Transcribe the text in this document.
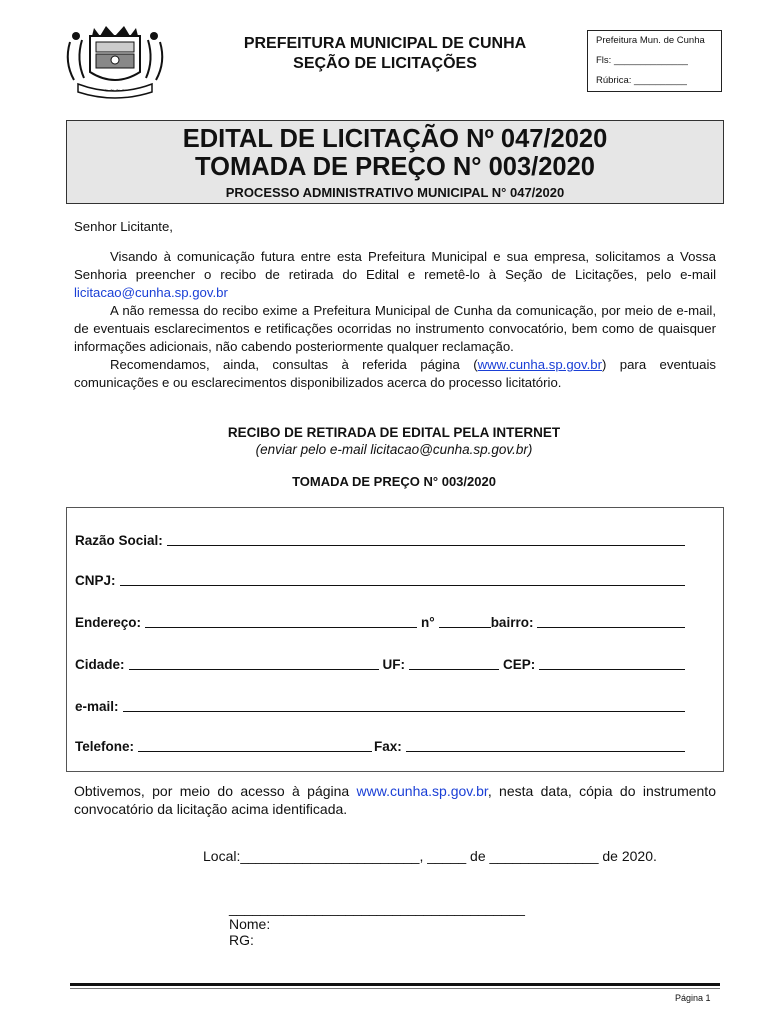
~ ~ ~ ~ ~ ~
PREFEITURA MUNICIPAL DE CUNHA
SEÇÃO DE LICITAÇÕES
Prefeitura Mun. de Cunha
Fls: ______________
Rúbrica: __________
EDITAL DE LICITAÇÃO Nº 047/2020
TOMADA DE PREÇO N° 003/2020
PROCESSO ADMINISTRATIVO MUNICIPAL N° 047/2020
Senhor Licitante,
Visando à comunicação futura entre esta Prefeitura Municipal e sua empresa, solicitamos a Vossa Senhoria preencher o recibo de retirada do Edital e remetê-lo à Seção de Licitações, pelo e-mail licitacao@cunha.sp.gov.br
A não remessa do recibo exime a Prefeitura Municipal de Cunha da comunicação, por meio de e-mail, de eventuais esclarecimentos e retificações ocorridas no instrumento convocatório, bem como de quaisquer informações adicionais, não cabendo posteriormente qualquer reclamação.
Recomendamos, ainda, consultas à referida página (www.cunha.sp.gov.br) para eventuais comunicações e ou esclarecimentos disponibilizados acerca do processo licitatório.
RECIBO DE RETIRADA DE EDITAL PELA INTERNET
(enviar pelo e-mail licitacao@cunha.sp.gov.br)
TOMADA DE PREÇO N° 003/2020
Razão Social:
CNPJ:
Endereço:	n°	bairro:
Cidade:	UF:	CEP:
e-mail:
Telefone:	Fax:
Obtivemos, por meio do acesso à página www.cunha.sp.gov.br, nesta data, cópia do instrumento convocatório da licitação acima identificada.
Local:_______________________, _____ de ______________ de 2020.
______________________________________
Nome:
RG:
Página 1
